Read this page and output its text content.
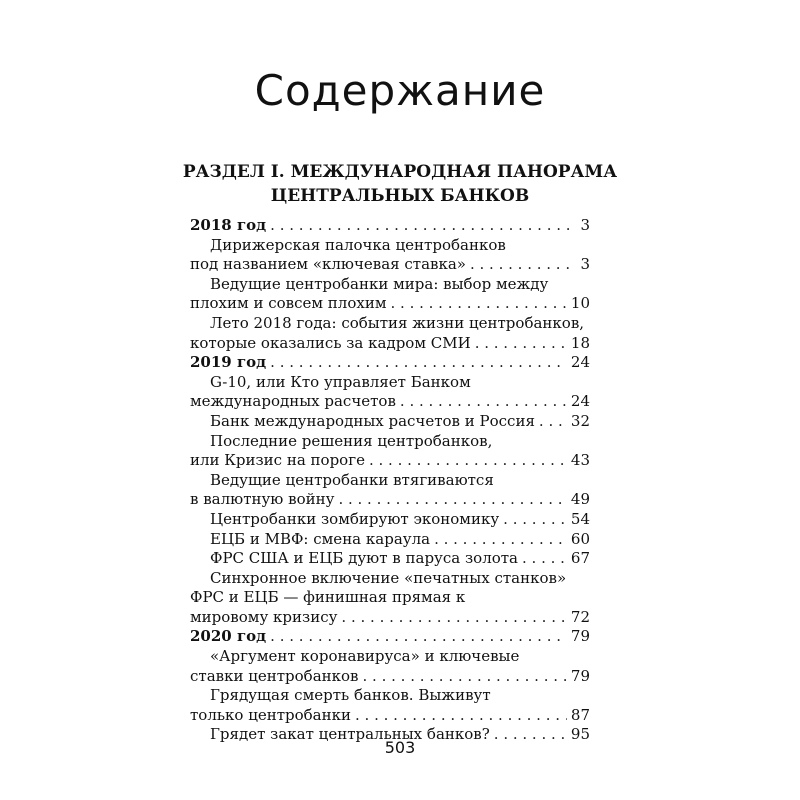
Содержание
РАЗДЕЛ I. МЕЖДУНАРОДНАЯ ПАНОРАМА
ЦЕНТРАЛЬНЫХ БАНКОВ
2018 год . . .	3
Дирижерская палочка центробанков
под названием «ключевая ставка» . . .	3
Ведущие центробанки мира: выбор между
плохим и совсем плохим . . .	10
Лето 2018 года: события жизни центробанков,
которые оказались за кадром СМИ . . .	18
2019 год . . .	24
G-10, или Кто управляет Банком
международных расчетов . . .	24
Банк международных расчетов и Россия . . . 32
Последние решения центробанков,
или Кризис на пороге . . .	43
Ведущие центробанки втягиваются
в валютную войну . . .	49
Центробанки зомбируют экономику . . .	54
ЕЦБ и МВФ: смена караула . . .	60
ФРС США и ЕЦБ дуют в паруса золота . . .	67
Синхронное включение «печатных станков»
ФРС и ЕЦБ — финишная прямая к
мировому кризису . . .	72
2020 год . . .	79
«Аргумент коронавируса» и ключевые
ставки центробанков . . .	79
Грядущая смерть банков. Выживут
только центробанки . . .	87
Грядет закат центральных банков? . . .	95
503
